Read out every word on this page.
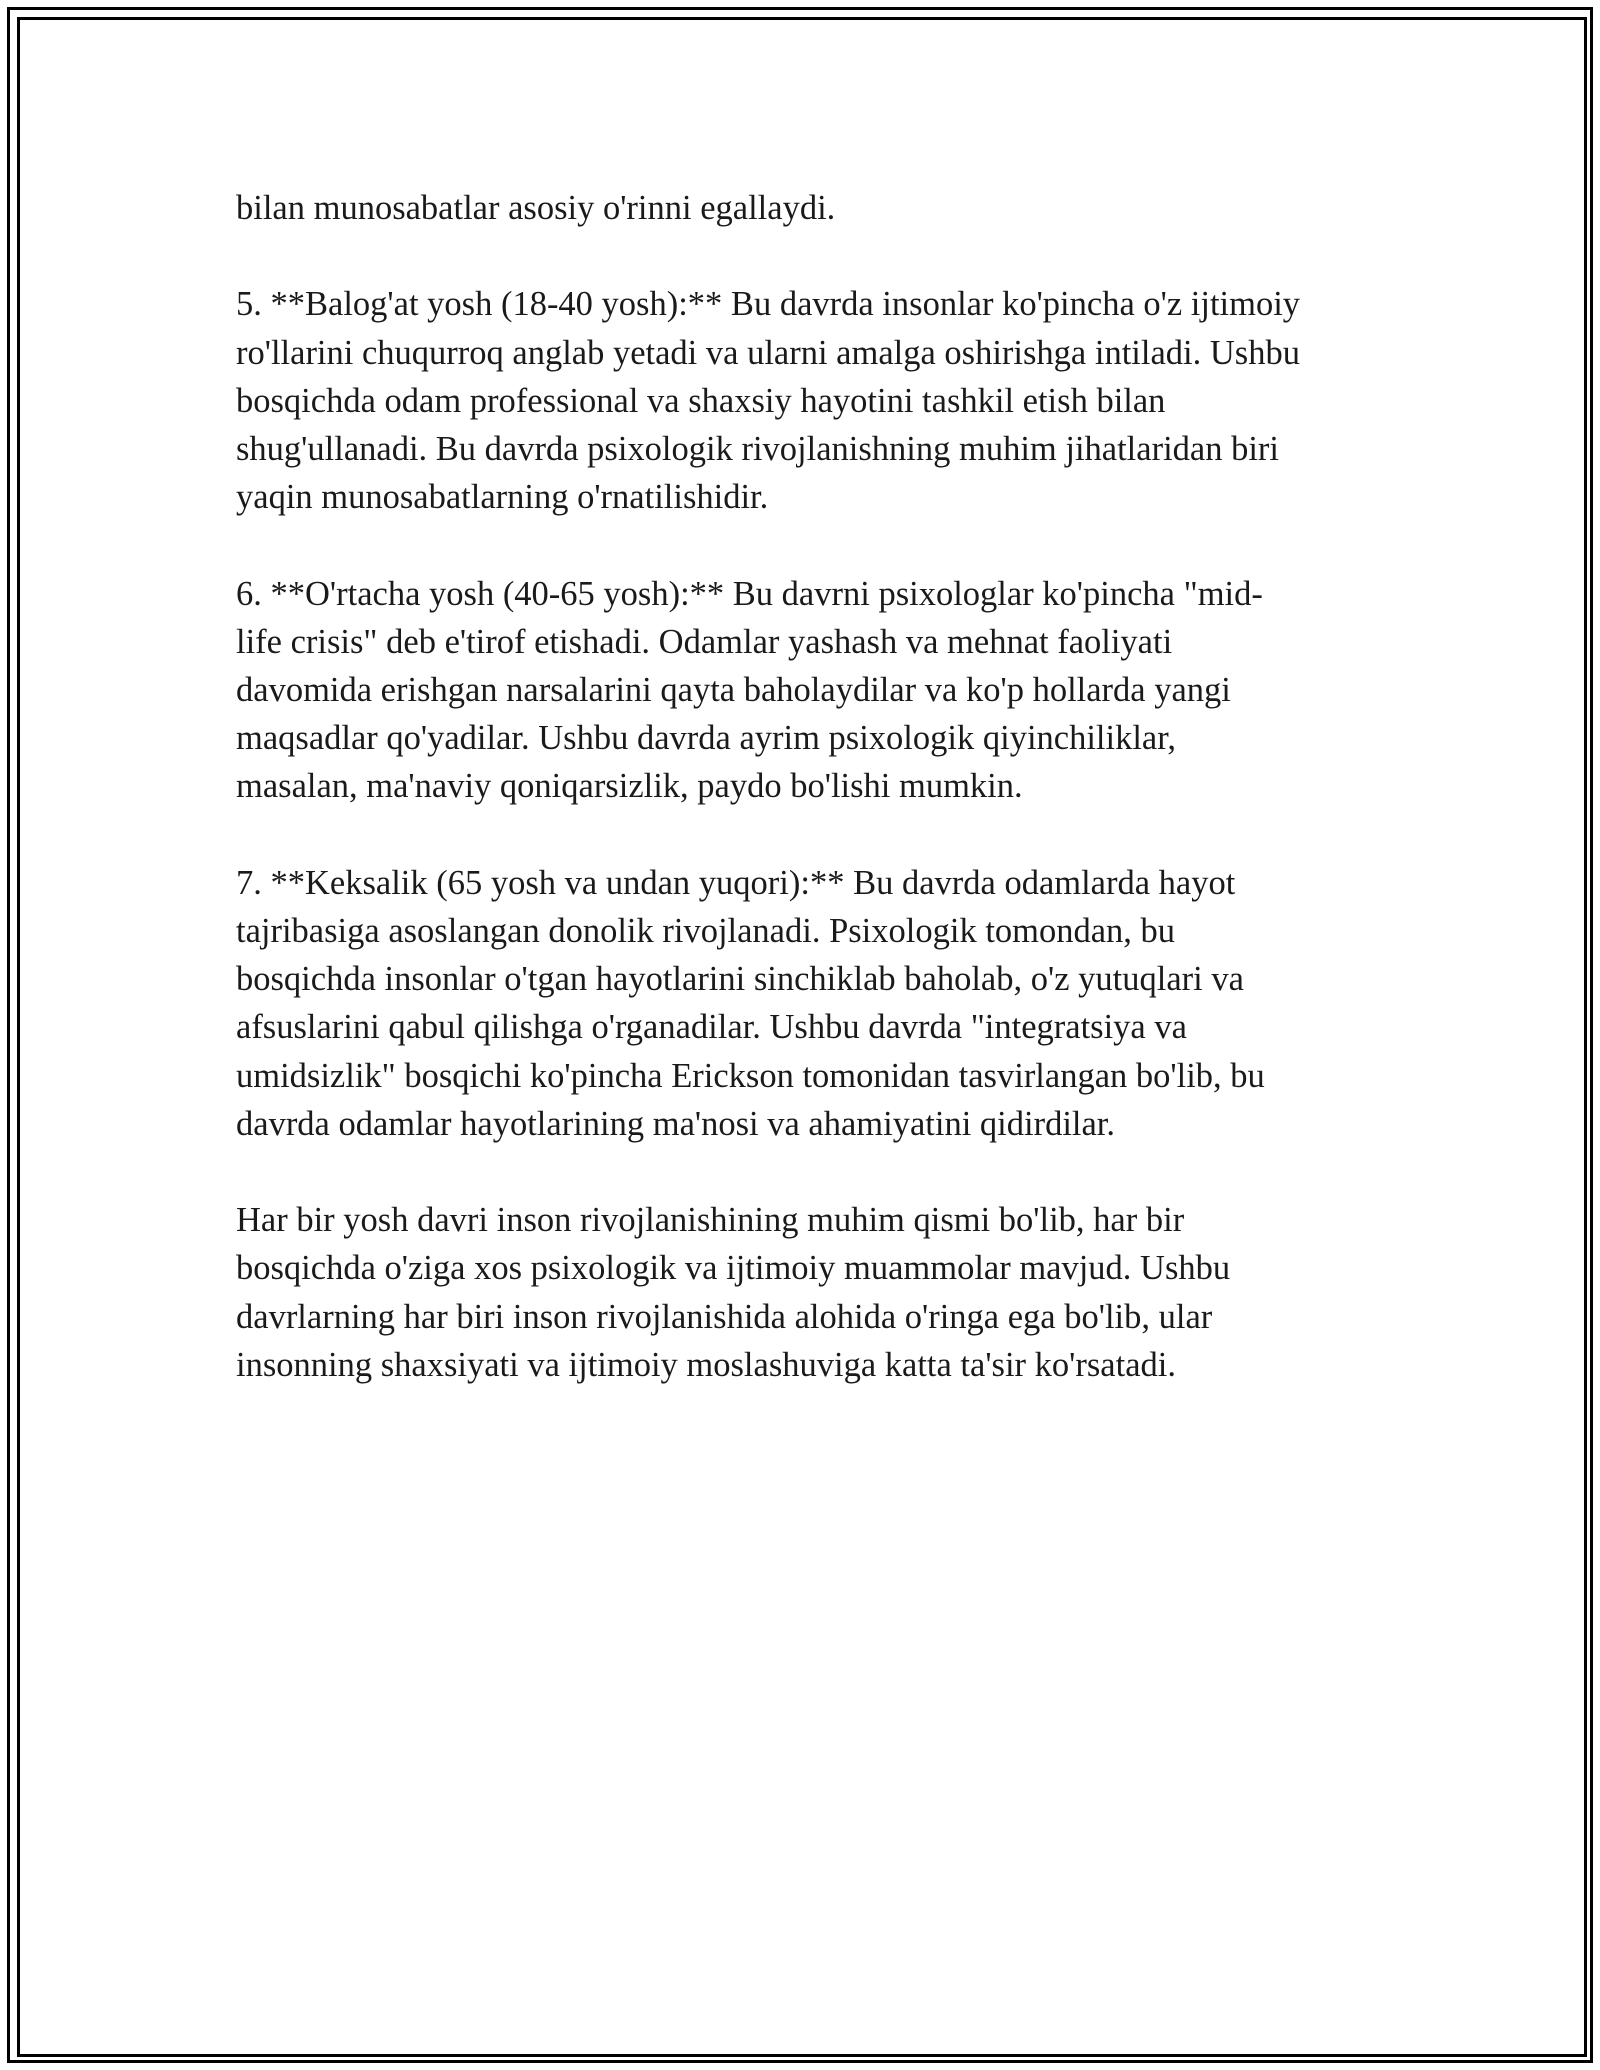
bilan munosabatlar asosiy o'rinni egallaydi.

5. **Balog'at yosh (18-40 yosh):** Bu davrda insonlar ko'pincha o'z ijtimoiy
ro'llarini chuqurroq anglab yetadi va ularni amalga oshirishga intiladi. Ushbu
bosqichda odam professional va shaxsiy hayotini tashkil etish bilan
shug'ullanadi. Bu davrda psixologik rivojlanishning muhim jihatlaridan biri
yaqin munosabatlarning o'rnatilishidir.

6. **O'rtacha yosh (40-65 yosh):** Bu davrni psixologlar ko'pincha "mid-
life crisis" deb e'tirof etishadi. Odamlar yashash va mehnat faoliyati
davomida erishgan narsalarini qayta baholaydilar va ko'p hollarda yangi
maqsadlar qo'yadilar. Ushbu davrda ayrim psixologik qiyinchiliklar,
masalan, ma'naviy qoniqarsizlik, paydo bo'lishi mumkin.

7. **Keksalik (65 yosh va undan yuqori):** Bu davrda odamlarda hayot
tajribasiga asoslangan donolik rivojlanadi. Psixologik tomondan, bu
bosqichda insonlar o'tgan hayotlarini sinchiklab baholab, o'z yutuqlari va
afsuslarini qabul qilishga o'rganadilar. Ushbu davrda "integratsiya va
umidsizlik" bosqichi ko'pincha Erickson tomonidan tasvirlangan bo'lib, bu
davrda odamlar hayotlarining ma'nosi va ahamiyatini qidirdilar.

Har bir yosh davri inson rivojlanishining muhim qismi bo'lib, har bir
bosqichda o'ziga xos psixologik va ijtimoiy muammolar mavjud. Ushbu
davrlarning har biri inson rivojlanishida alohida o'ringa ega bo'lib, ular
insonning shaxsiyati va ijtimoiy moslashuviga katta ta'sir ko'rsatadi.
